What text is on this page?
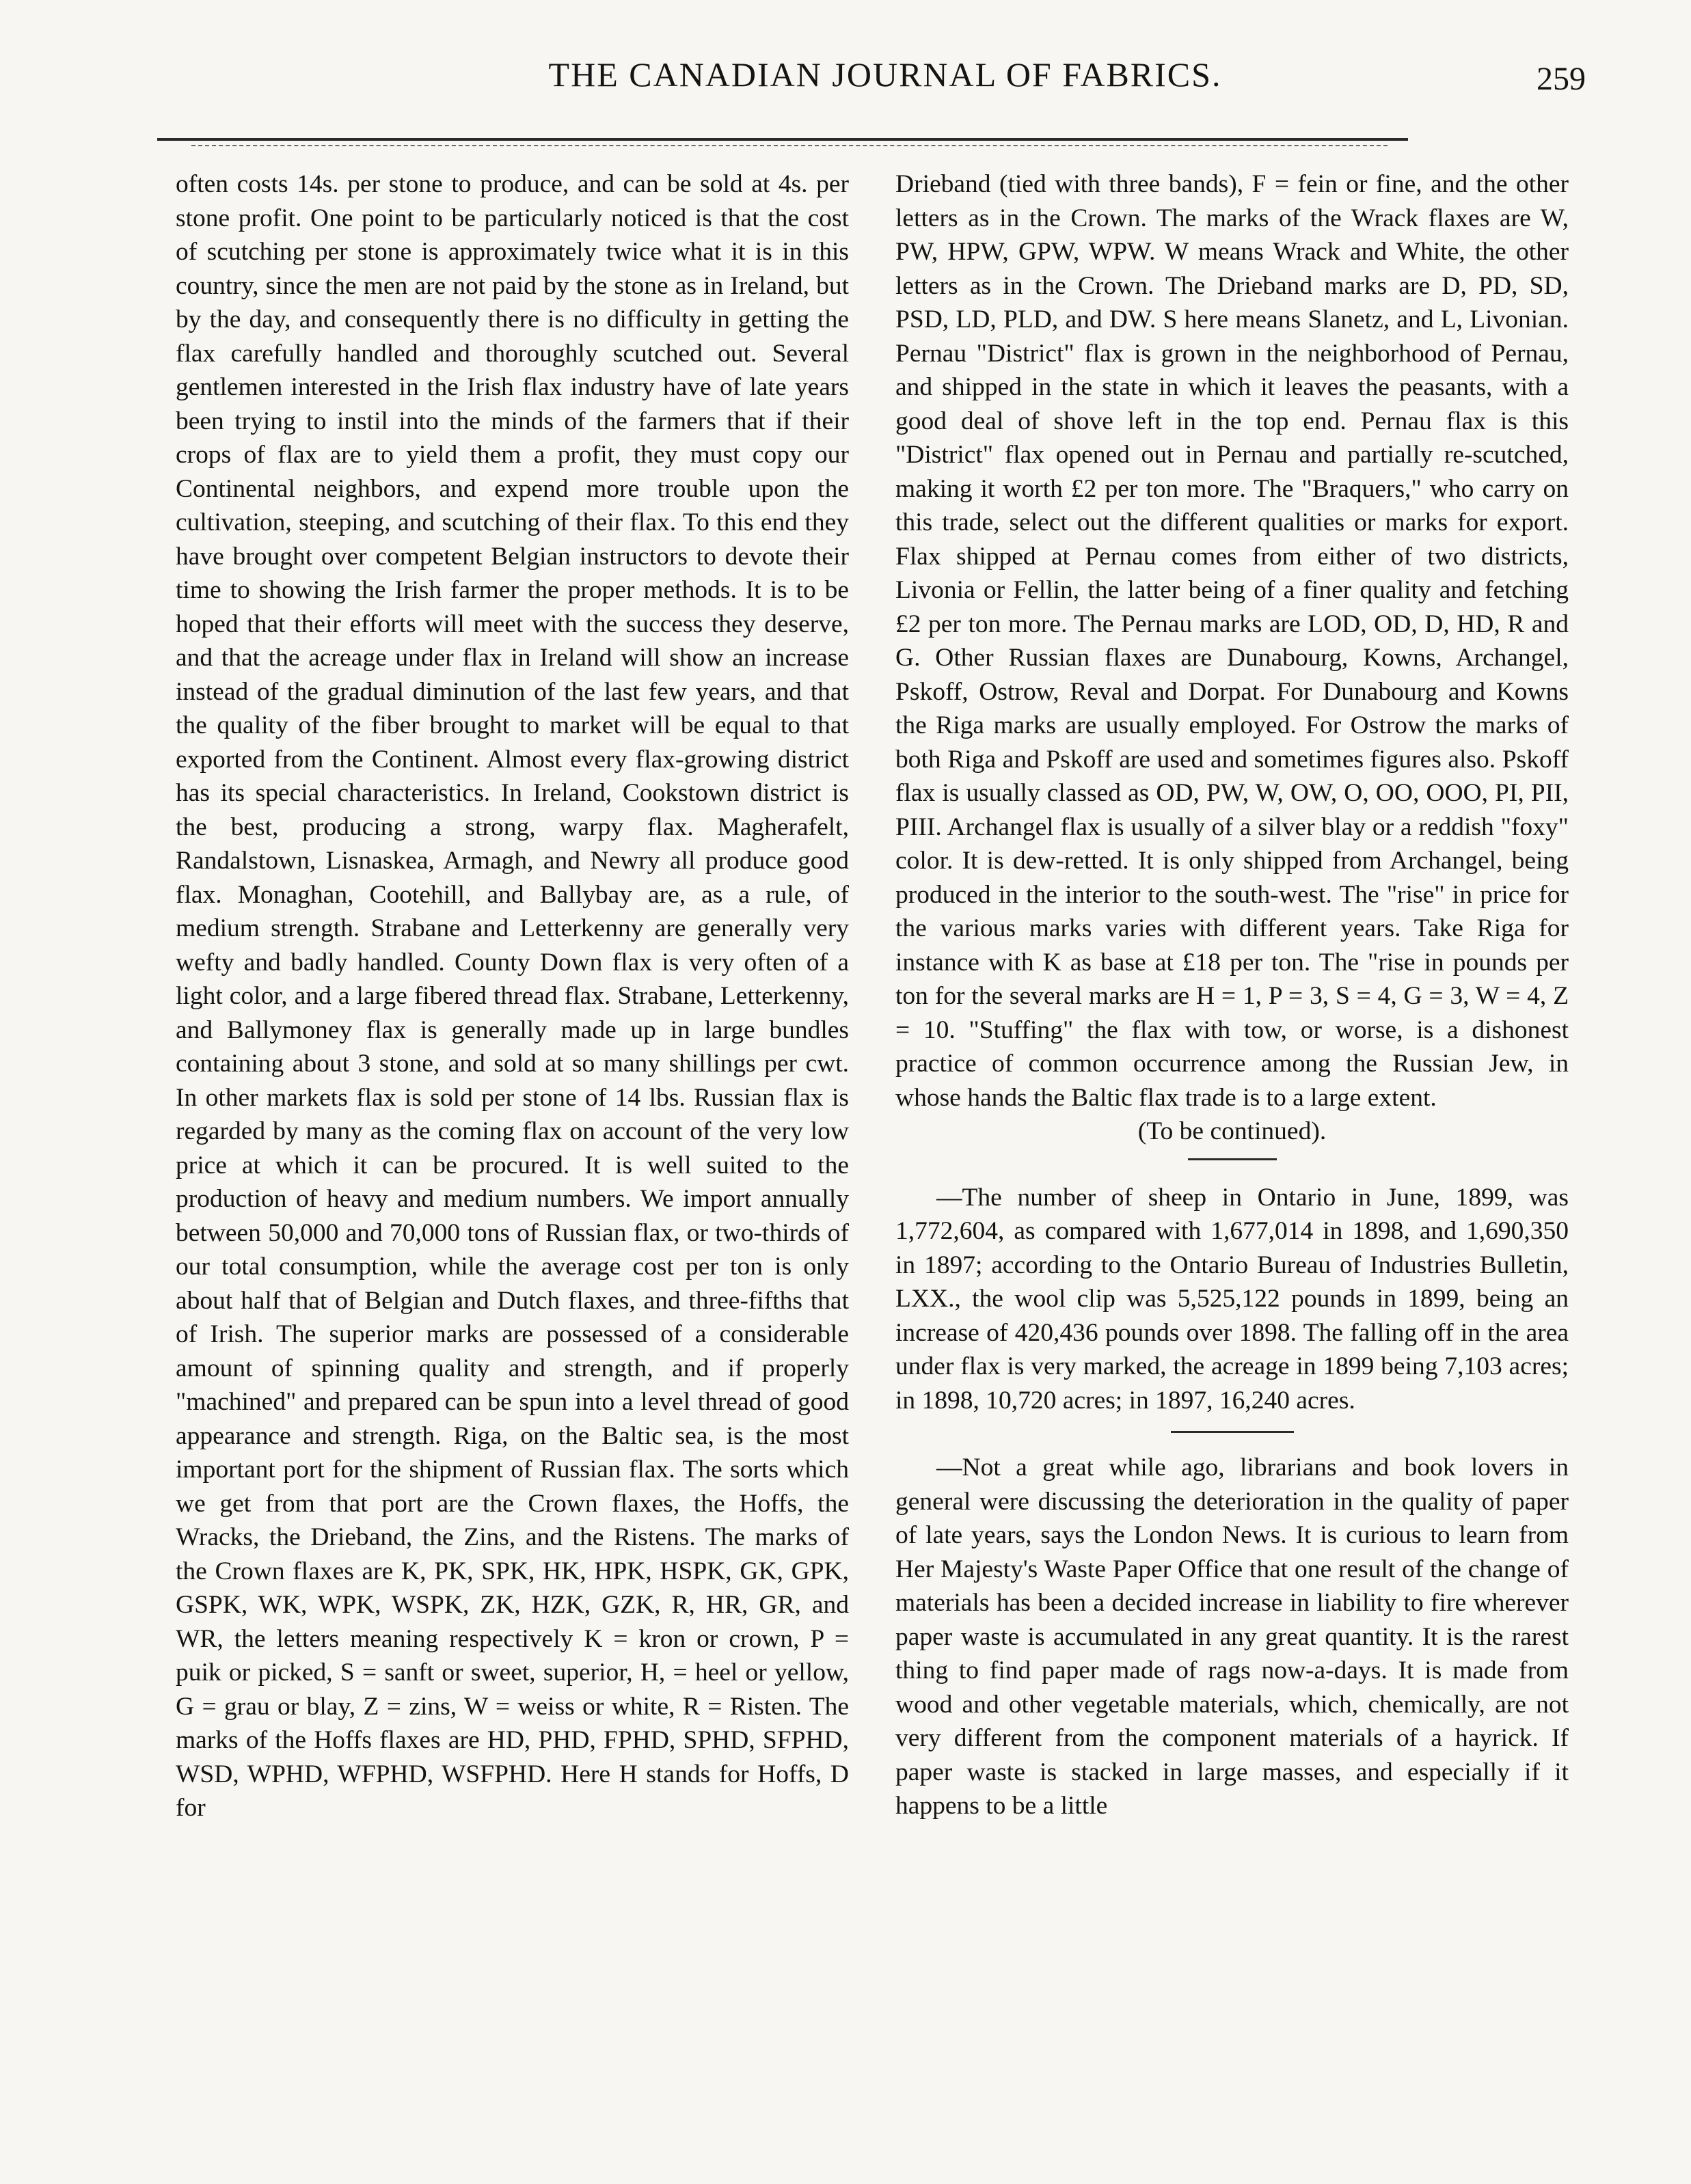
THE CANADIAN JOURNAL OF FABRICS.	259

often costs 14s. per stone to produce, and can be sold at 4s. per stone profit. One point to be particularly noticed is that the cost of scutching per stone is approximately twice what it is in this country, since the men are not paid by the stone as in Ireland, but by the day, and consequently there is no difficulty in getting the flax carefully handled and thoroughly scutched out. Several gentlemen interested in the Irish flax industry have of late years been trying to instil into the minds of the farmers that if their crops of flax are to yield them a profit, they must copy our Continental neighbors, and expend more trouble upon the cultivation, steeping, and scutching of their flax. To this end they have brought over competent Belgian instructors to devote their time to showing the Irish farmer the proper methods. It is to be hoped that their efforts will meet with the success they deserve, and that the acreage under flax in Ireland will show an increase instead of the gradual diminution of the last few years, and that the quality of the fiber brought to market will be equal to that exported from the Continent. Almost every flax-growing district has its special characteristics. In Ireland, Cookstown district is the best, producing a strong, warpy flax. Magherafelt, Randalstown, Lisnaskea, Armagh, and Newry all produce good flax. Monaghan, Cootehill, and Ballybay are, as a rule, of medium strength. Strabane and Letterkenny are generally very wefty and badly handled. County Down flax is very often of a light color, and a large fibered thread flax. Strabane, Letterkenny, and Ballymoney flax is generally made up in large bundles containing about 3 stone, and sold at so many shillings per cwt. In other markets flax is sold per stone of 14 lbs. Russian flax is regarded by many as the coming flax on account of the very low price at which it can be procured. It is well suited to the production of heavy and medium numbers. We import annually between 50,000 and 70,000 tons of Russian flax, or two-thirds of our total consumption, while the average cost per ton is only about half that of Belgian and Dutch flaxes, and three-fifths that of Irish. The superior marks are possessed of a considerable amount of spinning quality and strength, and if properly "machined" and prepared can be spun into a level thread of good appearance and strength. Riga, on the Baltic sea, is the most important port for the shipment of Russian flax. The sorts which we get from that port are the Crown flaxes, the Hoffs, the Wracks, the Drieband, the Zins, and the Ristens. The marks of the Crown flaxes are K, PK, SPK, HK, HPK, HSPK, GK, GPK, GSPK, WK, WPK, WSPK, ZK, HZK, GZK, R, HR, GR, and WR, the letters meaning respectively K = kron or crown, P = puik or picked, S = sanft or sweet, superior, H, = heel or yellow, G = grau or blay, Z = zins, W = weiss or white, R = Risten. The marks of the Hoffs flaxes are HD, PHD, FPHD, SPHD, SFPHD, WSD, WPHD, WFPHD, WSFPHD. Here H stands for Hoffs, D for

Drieband (tied with three bands), F = fein or fine, and the other letters as in the Crown. The marks of the Wrack flaxes are W, PW, HPW, GPW, WPW. W means Wrack and White, the other letters as in the Crown. The Drieband marks are D, PD, SD, PSD, LD, PLD, and DW. S here means Slanetz, and L, Livonian. Pernau "District" flax is grown in the neighborhood of Pernau, and shipped in the state in which it leaves the peasants, with a good deal of shove left in the top end. Pernau flax is this "District" flax opened out in Pernau and partially re-scutched, making it worth £2 per ton more. The "Braquers," who carry on this trade, select out the different qualities or marks for export. Flax shipped at Pernau comes from either of two districts, Livonia or Fellin, the latter being of a finer quality and fetching £2 per ton more. The Pernau marks are LOD, OD, D, HD, R and G. Other Russian flaxes are Dunabourg, Kowns, Archangel, Pskoff, Ostrow, Reval and Dorpat. For Dunabourg and Kowns the Riga marks are usually employed. For Ostrow the marks of both Riga and Pskoff are used and sometimes figures also. Pskoff flax is usually classed as OD, PW, W, OW, O, OO, OOO, PI, PII, PIII. Archangel flax is usually of a silver blay or a reddish "foxy" color. It is dew-retted. It is only shipped from Archangel, being produced in the interior to the south-west. The "rise" in price for the various marks varies with different years. Take Riga for instance with K as base at £18 per ton. The "rise in pounds per ton for the several marks are H = 1, P = 3, S = 4, G = 3, W = 4, Z = 10. "Stuffing" the flax with tow, or worse, is a dishonest practice of common occurrence among the Russian Jew, in whose hands the Baltic flax trade is to a large extent.

(To be continued).

—The number of sheep in Ontario in June, 1899, was 1,772,604, as compared with 1,677,014 in 1898, and 1,690,350 in 1897; according to the Ontario Bureau of Industries Bulletin, LXX., the wool clip was 5,525,122 pounds in 1899, being an increase of 420,436 pounds over 1898. The falling off in the area under flax is very marked, the acreage in 1899 being 7,103 acres; in 1898, 10,720 acres; in 1897, 16,240 acres.

—Not a great while ago, librarians and book lovers in general were discussing the deterioration in the quality of paper of late years, says the London News. It is curious to learn from Her Majesty's Waste Paper Office that one result of the change of materials has been a decided increase in liability to fire wherever paper waste is accumulated in any great quantity. It is the rarest thing to find paper made of rags now-a-days. It is made from wood and other vegetable materials, which, chemically, are not very different from the component materials of a hayrick. If paper waste is stacked in large masses, and especially if it happens to be a little
